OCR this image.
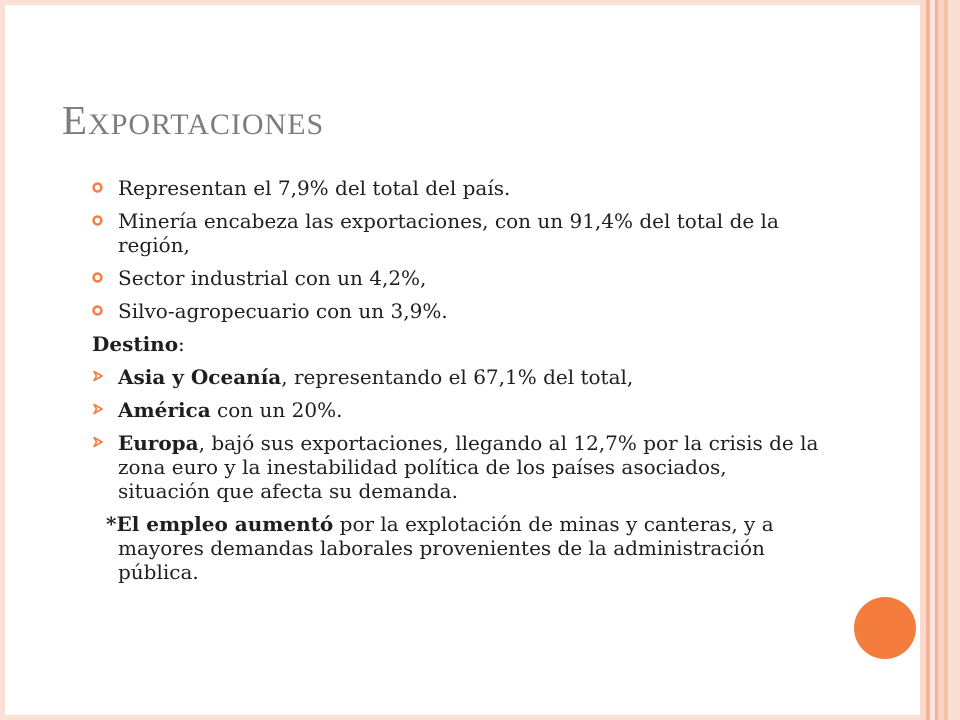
EXPORTACIONES
Representan el 7,9% del total del país.
Minería encabeza las exportaciones, con un 91,4% del total de la región,
Sector industrial con un 4,2%,
Silvo-agropecuario con un 3,9%.
Destino:
Asia y Oceanía, representando el 67,1% del total,
América con un 20%.
Europa, bajó sus exportaciones, llegando al 12,7% por la crisis de la zona euro y la inestabilidad política de los países asociados, situación que afecta su demanda.
*El empleo aumentó por la explotación de minas y canteras, y a mayores demandas laborales provenientes de la administración pública.
